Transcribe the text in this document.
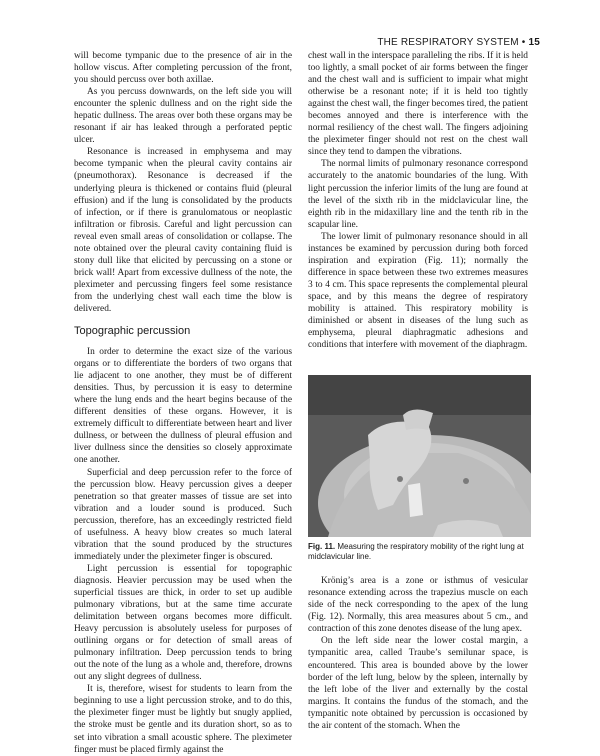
THE RESPIRATORY SYSTEM • 15

will become tympanic due to the presence of air in the hollow viscus. After completing percussion of the front, you should percuss over both axillae.

As you percuss downwards, on the left side you will encounter the splenic dullness and on the right side the hepatic dullness. The areas over both these organs may be resonant if air has leaked through a perforated peptic ulcer.

Resonance is increased in emphysema and may become tympanic when the pleural cavity contains air (pneumothorax). Resonance is decreased if the underlying pleura is thickened or contains fluid (pleural effusion) and if the lung is consolidated by the products of infection, or if there is granulomatous or neoplastic infiltration or fibrosis. Careful and light percussion can reveal even small areas of consolidation or collapse. The note obtained over the pleural cavity containing fluid is stony dull like that elicited by percussing on a stone or brick wall! Apart from excessive dullness of the note, the pleximeter and percussing fingers feel some resistance from the underlying chest wall each time the blow is delivered.

Topographic percussion

In order to determine the exact size of the various organs or to differentiate the borders of two organs that lie adjacent to one another, they must be of different densities. Thus, by percussion it is easy to determine where the lung ends and the heart begins because of the different densities of these organs. However, it is extremely difficult to differentiate between heart and liver dullness, or between the dullness of pleural effusion and liver dullness since the densities so closely approximate one another.

Superficial and deep percussion refer to the force of the percussion blow. Heavy percussion gives a deeper penetration so that greater masses of tissue are set into vibration and a louder sound is produced. Such percussion, therefore, has an exceedingly restricted field of usefulness. A heavy blow creates so much lateral vibration that the sound produced by the structures immediately under the pleximeter finger is obscured.

Light percussion is essential for topographic diagnosis. Heavier percussion may be used when the superficial tissues are thick, in order to set up audible pulmonary vibrations, but at the same time accurate delimitation between organs becomes more difficult. Heavy percussion is absolutely useless for purposes of outlining organs or for detection of small areas of pulmonary infiltration. Deep percussion tends to bring out the note of the lung as a whole and, therefore, drowns out any slight degrees of dullness.

It is, therefore, wisest for students to learn from the beginning to use a light percussion stroke, and to do this, the pleximeter finger must be lightly but snugly applied, the stroke must be gentle and its duration short, so as to set into vibration a small acoustic sphere. The pleximeter finger must be placed firmly against the

chest wall in the interspace paralleling the ribs. If it is held too lightly, a small pocket of air forms between the finger and the chest wall and is sufficient to impair what might otherwise be a resonant note; if it is held too tightly against the chest wall, the finger becomes tired, the patient becomes annoyed and there is interference with the normal resiliency of the chest wall. The fingers adjoining the pleximeter finger should not rest on the chest wall since they tend to dampen the vibrations.

The normal limits of pulmonary resonance correspond accurately to the anatomic boundaries of the lung. With light percussion the inferior limits of the lung are found at the level of the sixth rib in the midclavicular line, the eighth rib in the midaxillary line and the tenth rib in the scapular line.

The lower limit of pulmonary resonance should in all instances be examined by percussion during both forced inspiration and expiration (Fig. 11); normally the difference in space between these two extremes measures 3 to 4 cm. This space represents the complemental pleural space, and by this means the degree of respiratory mobility is attained. This respiratory mobility is diminished or absent in diseases of the lung such as emphysema, pleural diaphragmatic adhesions and conditions that interfere with movement of the diaphragm.

Fig. 11. Measuring the respiratory mobility of the right lung at midclavicular line.

Krönig’s area is a zone or isthmus of vesicular resonance extending across the trapezius muscle on each side of the neck corresponding to the apex of the lung (Fig. 12). Normally, this area measures about 5 cm., and contraction of this zone denotes disease of the lung apex.

On the left side near the lower costal margin, a tympanitic area, called Traube’s semilunar space, is encountered. This area is bounded above by the lower border of the left lung, below by the spleen, internally by the left lobe of the liver and externally by the costal margins. It contains the fundus of the stomach, and the tympanitic note obtained by percussion is occasioned by the air content of the stomach. When the
